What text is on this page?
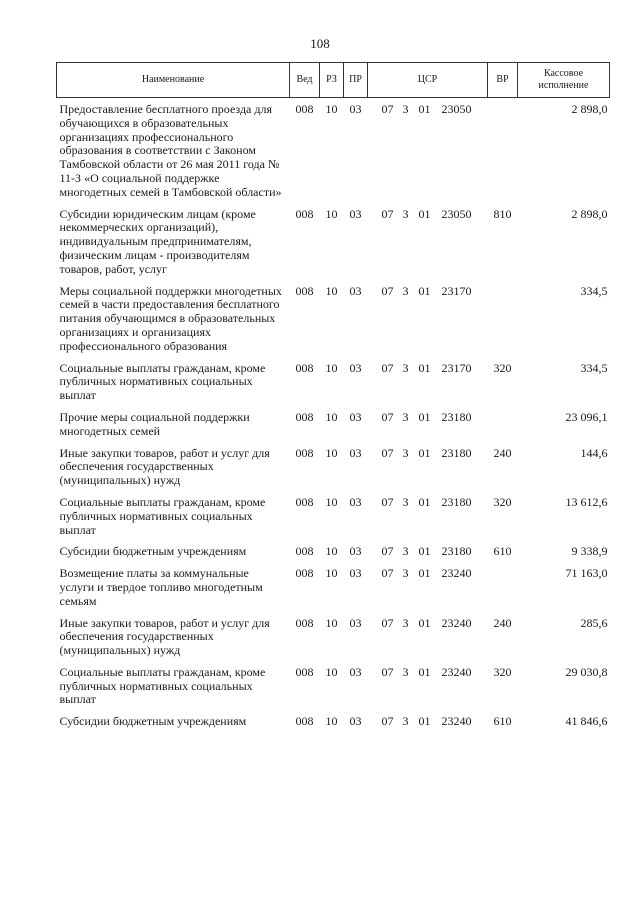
108
Наименование	Вед	РЗ	ПР	ЦСР	ВР	Кассовое исполнение
Предоставление бесплатного проезда для обучающихся в образовательных организациях профессионального образования в соответствии с Законом Тамбовской области от 26 мая 2011 года № 11-З «О социальной поддержке многодетных семей в Тамбовской области»	008	10	03	07 3 01 23050		2 898,0
Субсидии юридическим лицам (кроме некоммерческих организаций), индивидуальным предпринимателям, физическим лицам - производителям товаров, работ, услуг	008	10	03	07 3 01 23050	810	2 898,0
Меры социальной поддержки многодетных семей в части предоставления бесплатного питания обучающимся в образовательных организациях и организациях профессионального образования	008	10	03	07 3 01 23170		334,5
Социальные выплаты гражданам, кроме публичных нормативных социальных выплат	008	10	03	07 3 01 23170	320	334,5
Прочие меры социальной поддержки многодетных семей	008	10	03	07 3 01 23180		23 096,1
Иные закупки товаров, работ и услуг для обеспечения государственных (муниципальных) нужд	008	10	03	07 3 01 23180	240	144,6
Социальные выплаты гражданам, кроме публичных нормативных социальных выплат	008	10	03	07 3 01 23180	320	13 612,6
Субсидии бюджетным учреждениям	008	10	03	07 3 01 23180	610	9 338,9
Возмещение платы за коммунальные услуги и твердое топливо многодетным семьям	008	10	03	07 3 01 23240		71 163,0
Иные закупки товаров, работ и услуг для обеспечения государственных (муниципальных) нужд	008	10	03	07 3 01 23240	240	285,6
Социальные выплаты гражданам, кроме публичных нормативных социальных выплат	008	10	03	07 3 01 23240	320	29 030,8
Субсидии бюджетным учреждениям	008	10	03	07 3 01 23240	610	41 846,6
